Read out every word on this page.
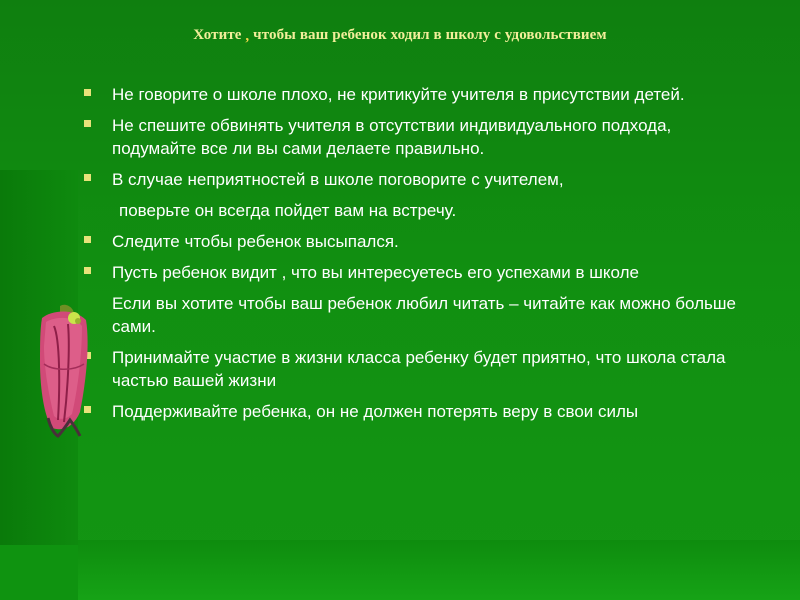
Хотите , чтобы ваш ребенок ходил в школу с удовольствием
Не говорите о школе плохо, не критикуйте учителя в присутствии детей.
Не спешите обвинять учителя в отсутствии индивидуального подхода, подумайте все ли вы сами делаете правильно.
В случае неприятностей в школе поговорите с учителем,
поверьте он всегда пойдет вам на встречу.
Следите чтобы ребенок высыпался.
Пусть ребенок видит , что вы интересуетесь его успехами в школе
Если вы хотите чтобы ваш ребенок любил читать – читайте как можно больше сами.
Принимайте участие в жизни класса ребенку будет приятно, что школа стала частью вашей жизни
Поддерживайте ребенка, он не должен потерять веру в свои силы
